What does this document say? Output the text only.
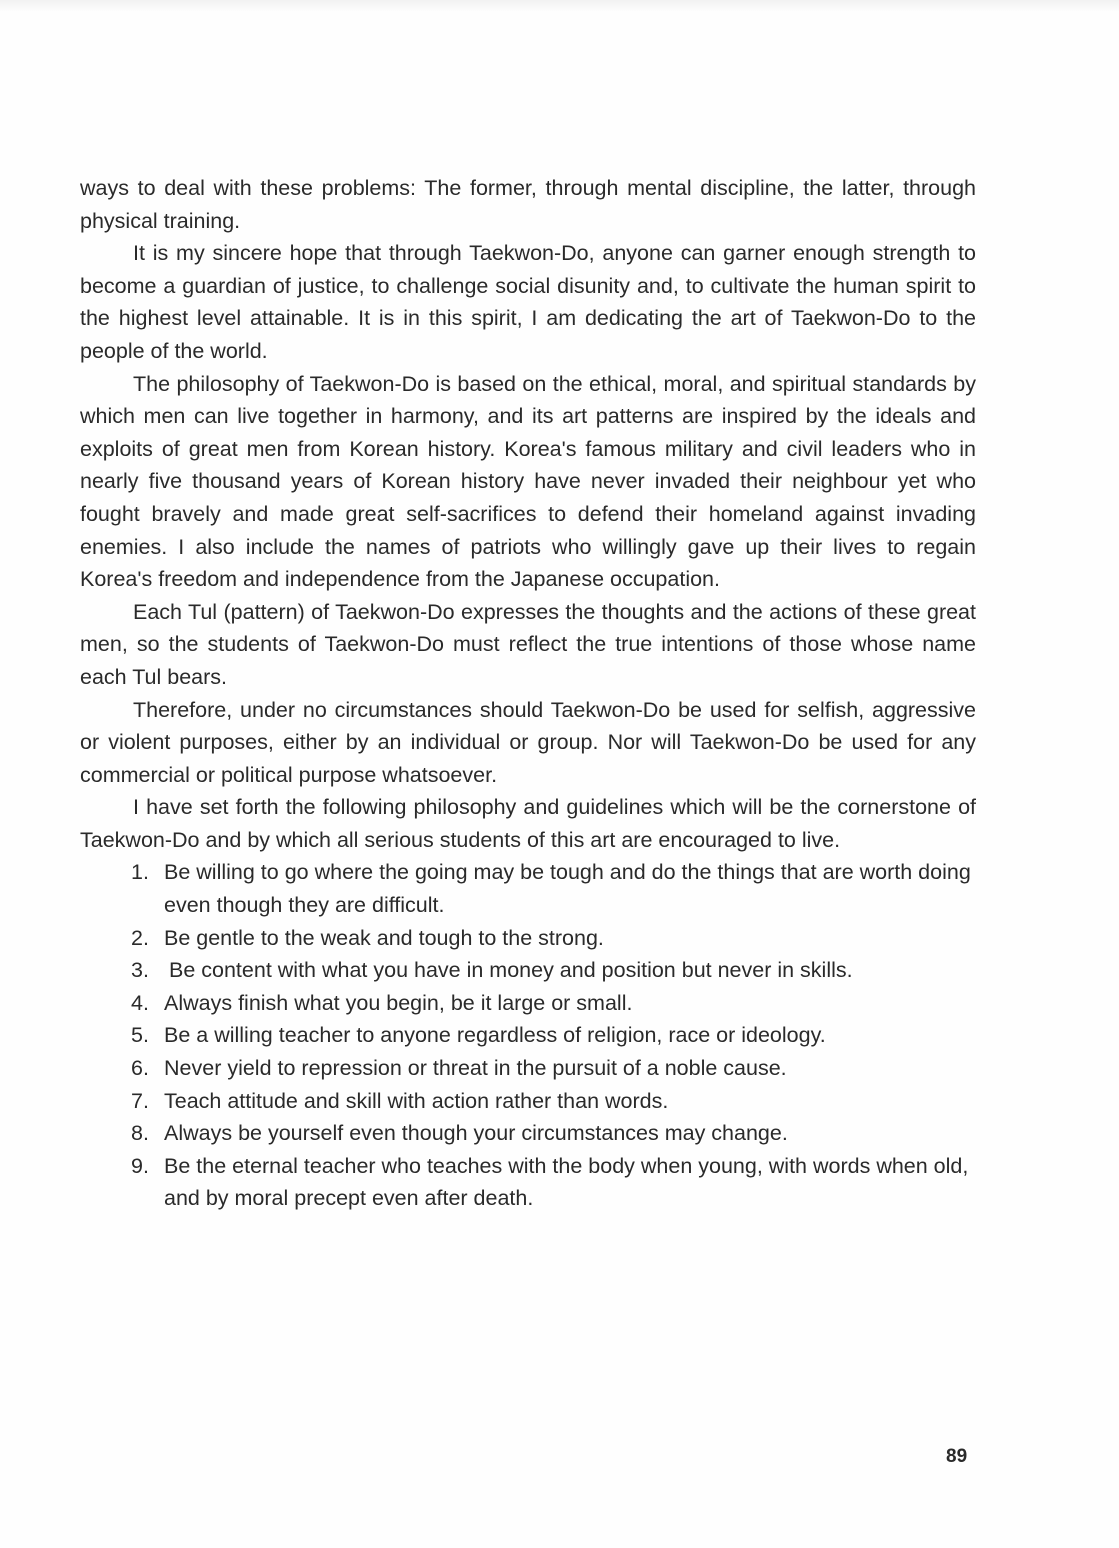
ways to deal with these problems: The former, through mental discipline, the latter, through physical training.

It is my sincere hope that through Taekwon-Do, anyone can garner enough strength to become a guardian of justice, to challenge social disunity and, to cultivate the human spirit to the highest level attainable. It is in this spirit, I am dedicating the art of Taekwon-Do to the people of the world.

The philosophy of Taekwon-Do is based on the ethical, moral, and spiritual standards by which men can live together in harmony, and its art patterns are inspired by the ideals and exploits of great men from Korean history. Korea's famous military and civil leaders who in nearly five thousand years of Korean history have never invaded their neighbour yet who fought bravely and made great self-sacrifices to defend their homeland against invading enemies. I also include the names of patriots who willingly gave up their lives to regain Korea's freedom and independence from the Japanese occupation.

Each Tul (pattern) of Taekwon-Do expresses the thoughts and the actions of these great men, so the students of Taekwon-Do must reflect the true intentions of those whose name each Tul bears.

Therefore, under no circumstances should Taekwon-Do be used for selfish, aggressive or violent purposes, either by an individual or group. Nor will Taekwon-Do be used for any commercial or political purpose whatsoever.

I have set forth the following philosophy and guidelines which will be the cornerstone of Taekwon-Do and by which all serious students of this art are encouraged to live.

1. Be willing to go where the going may be tough and do the things that are worth doing even though they are difficult.
2. Be gentle to the weak and tough to the strong.
3. Be content with what you have in money and position but never in skills.
4. Always finish what you begin, be it large or small.
5. Be a willing teacher to anyone regardless of religion, race or ideology.
6. Never yield to repression or threat in the pursuit of a noble cause.
7. Teach attitude and skill with action rather than words.
8. Always be yourself even though your circumstances may change.
9. Be the eternal teacher who teaches with the body when young, with words when old, and by moral precept even after death.
89
